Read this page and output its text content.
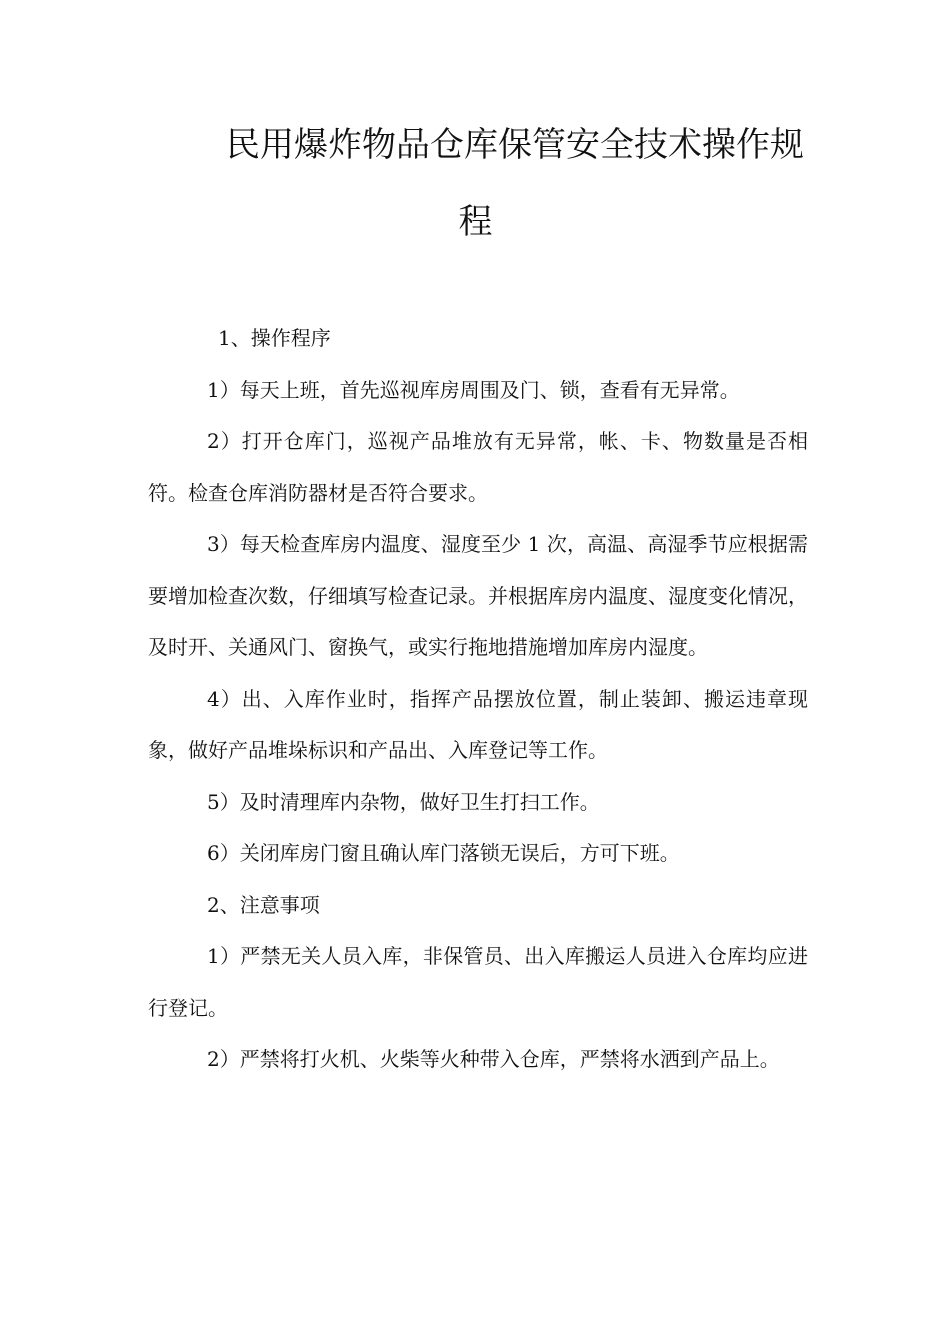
民用爆炸物品仓库保管安全技术操作规
程

1、操作程序

1）每天上班，首先巡视库房周围及门、锁，查看有无异常。

2）打开仓库门，巡视产品堆放有无异常，帐、卡、物数量是否相符。检查仓库消防器材是否符合要求。

3）每天检查库房内温度、湿度至少 1 次，高温、高湿季节应根据需要增加检查次数，仔细填写检查记录。并根据库房内温度、湿度变化情况，及时开、关通风门、窗换气，或实行拖地措施增加库房内湿度。

4）出、入库作业时，指挥产品摆放位置，制止装卸、搬运违章现象，做好产品堆垛标识和产品出、入库登记等工作。

5）及时清理库内杂物，做好卫生打扫工作。

6）关闭库房门窗且确认库门落锁无误后，方可下班。

2、注意事项

1）严禁无关人员入库，非保管员、出入库搬运人员进入仓库均应进行登记。

2）严禁将打火机、火柴等火种带入仓库，严禁将水洒到产品上。
